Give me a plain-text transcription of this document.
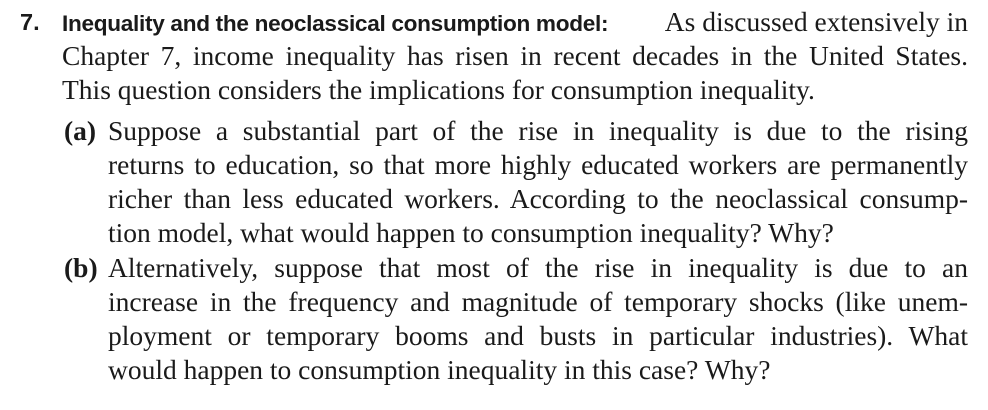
7. Inequality and the neoclassical consumption model: As discussed extensively in
Chapter 7, income inequality has risen in recent decades in the United States.
This question considers the implications for consumption inequality.
(a) Suppose a substantial part of the rise in inequality is due to the rising
returns to education, so that more highly educated workers are permanently
richer than less educated workers. According to the neoclassical consump-
tion model, what would happen to consumption inequality? Why?
(b) Alternatively, suppose that most of the rise in inequality is due to an
increase in the frequency and magnitude of temporary shocks (like unem-
ployment or temporary booms and busts in particular industries). What
would happen to consumption inequality in this case? Why?
